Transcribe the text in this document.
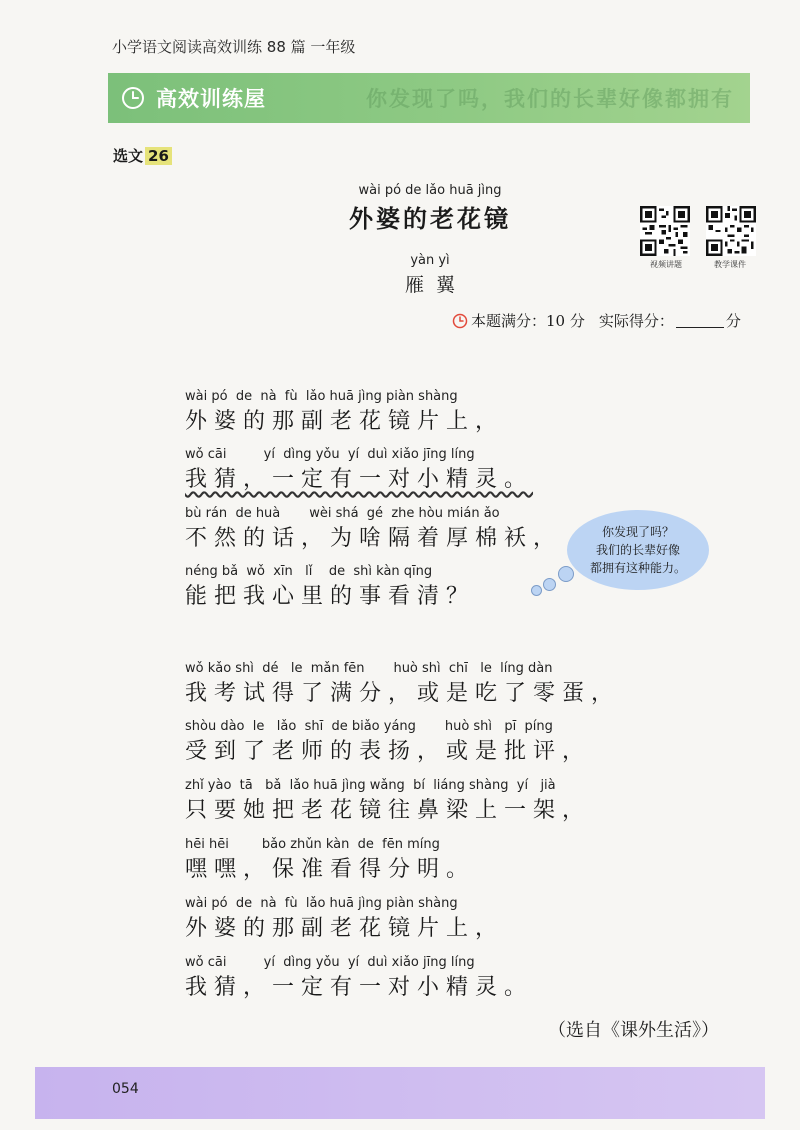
小学语文阅读高效训练 88 篇 一年级
高效训练屋	你发现了吗，我们的长辈好像都拥有
选文 26
wài pó de lǎo huā jìng
外婆的老花镜
yàn yì
雁翼
视频讲题	教学课件
本题满分：10 分 实际得分：	分
wài pó  de  nà  fù  lǎo huā jìng piàn shàng
外婆的那副老花镜片上，
wǒ cāi         yí  dìng yǒu  yí  duì xiǎo jīng líng
我猜，一定有一对小精灵。
bù rán  de huà       wèi shá  gé  zhe hòu mián ǎo
不然的话，为啥隔着厚棉袄，
néng bǎ  wǒ  xīn   lǐ    de  shì kàn qīng
能把我心里的事看清？
wǒ kǎo shì  dé   le  mǎn fēn       huò shì  chī   le  líng dàn
我考试得了满分，或是吃了零蛋，
shòu dào  le   lǎo  shī  de biǎo yáng       huò shì   pī  píng
受到了老师的表扬，或是批评，
zhǐ yào  tā   bǎ  lǎo huā jìng wǎng  bí  liáng shàng  yí   jià
只要她把老花镜往鼻梁上一架，
hēi hēi        bǎo zhǔn kàn  de  fēn míng
嘿嘿，保准看得分明。
wài pó  de  nà  fù  lǎo huā jìng piàn shàng
外婆的那副老花镜片上，
wǒ cāi         yí  dìng yǒu  yí  duì xiǎo jīng líng
我猜，一定有一对小精灵。
你发现了吗？
我们的长辈好像
都拥有这种能力。
（选自《课外生活》）
054
